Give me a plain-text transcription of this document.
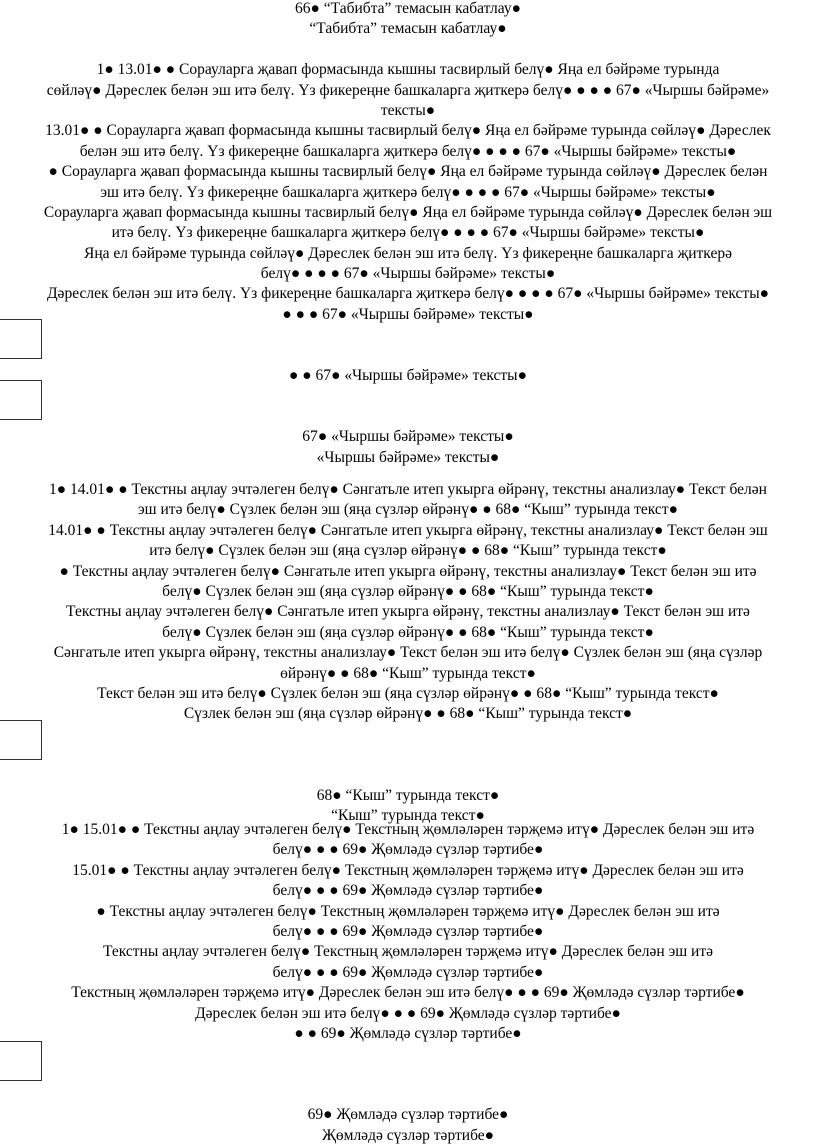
66● “Табибта” темасын кабатлау●
“Табибта” темасын кабатлау●
1● 13.01● ● Сорауларга җавап формасында кышны тасвирлый белү● Яңа ел бәйрәме турында
сөйләү● Дәреслек белән эш итә белү. Үз фикереңне башкаларга җиткерә белү● ● ● ● 67● «Чыршы бәйрәме»
тексты●
13.01● ● Сорауларга җавап формасында кышны тасвирлый белү● Яңа ел бәйрәме турында сөйләү● Дәреслек
белән эш итә белү. Үз фикереңне башкаларга җиткерә белү● ● ● ● 67● «Чыршы бәйрәме» тексты●
● Сорауларга җавап формасында кышны тасвирлый белү● Яңа ел бәйрәме турында сөйләү● Дәреслек белән
эш итә белү. Үз фикереңне башкаларга җиткерә белү● ● ● ● 67● «Чыршы бәйрәме» тексты●
Сорауларга җавап формасында кышны тасвирлый белү● Яңа ел бәйрәме турында сөйләү● Дәреслек белән эш
итә белү. Үз фикереңне башкаларга җиткерә белү● ● ● ● 67● «Чыршы бәйрәме» тексты●
Яңа ел бәйрәме турында сөйләү● Дәреслек белән эш итә белү. Үз фикереңне башкаларга җиткерә
белү● ● ● ● 67● «Чыршы бәйрәме» тексты●
Дәреслек белән эш итә белү. Үз фикереңне башкаларга җиткерә белү● ● ● ● 67● «Чыршы бәйрәме» тексты●
● ● ● 67● «Чыршы бәйрәме» тексты●
● ● 67● «Чыршы бәйрәме» тексты●
67● «Чыршы бәйрәме» тексты●
«Чыршы бәйрәме» тексты●
1● 14.01● ● Текстны аңлау эчтәлеген белү● Сәнгатьле итеп укырга өйрәнү, текстны анализлау● Текст белән
эш итә белү● Сүзлек белән эш (яңа сүзләр өйрәнү● ● 68● “Кыш” турында текст●
14.01● ● Текстны аңлау эчтәлеген белү● Сәнгатьле итеп укырга өйрәнү, текстны анализлау● Текст белән эш
итә белү● Сүзлек белән эш (яңа сүзләр өйрәнү● ● 68● “Кыш” турында текст●
● Текстны аңлау эчтәлеген белү● Сәнгатьле итеп укырга өйрәнү, текстны анализлау● Текст белән эш итә
белү● Сүзлек белән эш (яңа сүзләр өйрәнү● ● 68● “Кыш” турында текст●
Текстны аңлау эчтәлеген белү● Сәнгатьле итеп укырга өйрәнү, текстны анализлау● Текст белән эш итә
белү● Сүзлек белән эш (яңа сүзләр өйрәнү● ● 68● “Кыш” турында текст●
Сәнгатьле итеп укырга өйрәнү, текстны анализлау● Текст белән эш итә белү● Сүзлек белән эш (яңа сүзләр
өйрәнү● ● 68● “Кыш” турында текст●
Текст белән эш итә белү● Сүзлек белән эш (яңа сүзләр өйрәнү● ● 68● “Кыш” турында текст●
Сүзлек белән эш (яңа сүзләр өйрәнү● ● 68● “Кыш” турында текст●
68● “Кыш” турында текст●
“Кыш” турында текст●
1● 15.01● ● Текстны аңлау эчтәлеген белү● Текстның җөмләләрен тәрҗемә итү● Дәреслек белән эш итә
белү● ● ● 69● Җөмләдә сүзләр тәртибе●
15.01● ● Текстны аңлау эчтәлеген белү● Текстның җөмләләрен тәрҗемә итү● Дәреслек белән эш итә
белү● ● ● 69● Җөмләдә сүзләр тәртибе●
● Текстны аңлау эчтәлеген белү● Текстның җөмләләрен тәрҗемә итү● Дәреслек белән эш итә
белү● ● ● 69● Җөмләдә сүзләр тәртибе●
Текстны аңлау эчтәлеген белү● Текстның җөмләләрен тәрҗемә итү● Дәреслек белән эш итә
белү● ● ● 69● Җөмләдә сүзләр тәртибе●
Текстның җөмләләрен тәрҗемә итү● Дәреслек белән эш итә белү● ● ● 69● Җөмләдә сүзләр тәртибе●
Дәреслек белән эш итә белү● ● ● 69● Җөмләдә сүзләр тәртибе●
● ● 69● Җөмләдә сүзләр тәртибе●
69● Җөмләдә сүзләр тәртибе●
Җөмләдә сүзләр тәртибе●
